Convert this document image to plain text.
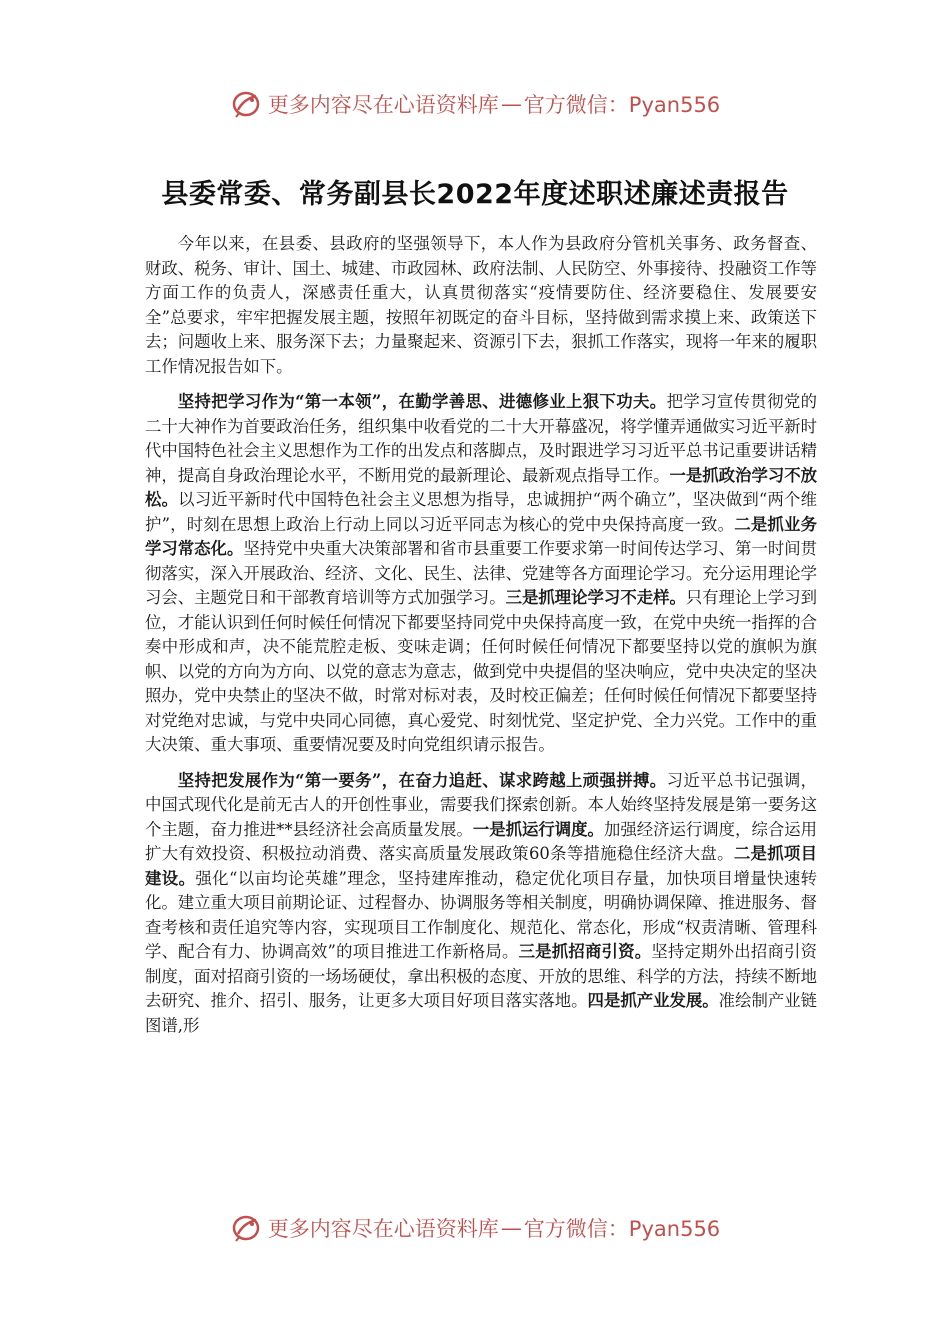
更多内容尽在心语资料库 — 官方微信：Pyan556
县委常委、常务副县长2022年度述职述廉述责报告

今年以来，在县委、县政府的坚强领导下，本人作为县政府分管机关事务、政务督查、财政、税务、审计、国土、城建、市政园林、政府法制、人民防空、外事接待、投融资工作等方面工作的负责人，深感责任重大，认真贯彻落实“疫情要防住、经济要稳住、发展要安全”总要求，牢牢把握发展主题，按照年初既定的奋斗目标，坚持做到需求摸上来、政策送下去；问题收上来、服务深下去；力量聚起来、资源引下去，狠抓工作落实，现将一年来的履职工作情况报告如下。

坚持把学习作为“第一本领”，在勤学善思、进德修业上狠下功夫。把学习宣传贯彻党的二十大神作为首要政治任务，组织集中收看党的二十大开幕盛况，将学懂弄通做实习近平新时代中国特色社会主义思想作为工作的出发点和落脚点，及时跟进学习习近平总书记重要讲话精神，提高自身政治理论水平，不断用党的最新理论、最新观点指导工作。一是抓政治学习不放松。以习近平新时代中国特色社会主义思想为指导，忠诚拥护“两个确立”，坚决做到“两个维护”，时刻在思想上政治上行动上同以习近平同志为核心的党中央保持高度一致。二是抓业务学习常态化。坚持党中央重大决策部署和省市县重要工作要求第一时间传达学习、第一时间贯彻落实，深入开展政治、经济、文化、民生、法律、党建等各方面理论学习。充分运用理论学习会、主题党日和干部教育培训等方式加强学习。三是抓理论学习不走样。只有理论上学习到位，才能认识到任何时候任何情况下都要坚持同党中央保持高度一致，在党中央统一指挥的合奏中形成和声，决不能荒腔走板、变味走调；任何时候任何情况下都要坚持以党的旗帜为旗帜、以党的方向为方向、以党的意志为意志，做到党中央提倡的坚决响应，党中央决定的坚决照办，党中央禁止的坚决不做，时常对标对表，及时校正偏差；任何时候任何情况下都要坚持对党绝对忠诚，与党中央同心同德，真心爱党、时刻忧党、坚定护党、全力兴党。工作中的重大决策、重大事项、重要情况要及时向党组织请示报告。

坚持把发展作为“第一要务”，在奋力追赶、谋求跨越上顽强拼搏。习近平总书记强调，中国式现代化是前无古人的开创性事业，需要我们探索创新。本人始终坚持发展是第一要务这个主题，奋力推进**县经济社会高质量发展。一是抓运行调度。加强经济运行调度，综合运用扩大有效投资、积极拉动消费、落实高质量发展政策60条等措施稳住经济大盘。二是抓项目建设。强化“以亩均论英雄”理念，坚持建库推动，稳定优化项目存量，加快项目增量快速转化。建立重大项目前期论证、过程督办、协调服务等相关制度，明确协调保障、推进服务、督查考核和责任追究等内容，实现项目工作制度化、规范化、常态化，形成“权责清晰、管理科学、配合有力、协调高效”的项目推进工作新格局。三是抓招商引资。坚持定期外出招商引资制度，面对招商引资的一场场硬仗，拿出积极的态度、开放的思维、科学的方法，持续不断地去研究、推介、招引、服务，让更多大项目好项目落实落地。四是抓产业发展。准绘制产业链图谱,形

更多内容尽在心语资料库 — 官方微信：Pyan556
